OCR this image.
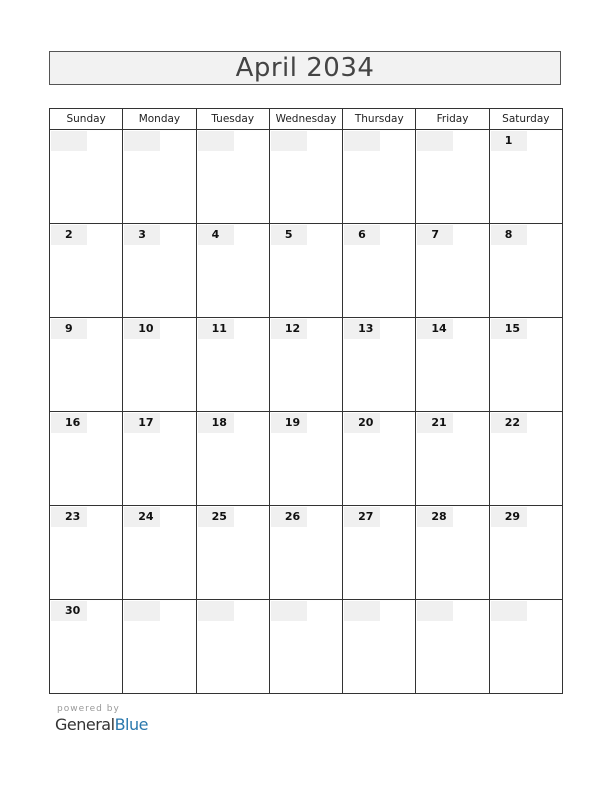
April 2034
Sunday	Monday	Tuesday	Wednesday	Thursday	Friday	Saturday

						1

2	3	4	5	6	7	8

9	10	11	12	13	14	15

16	17	18	19	20	21	22

23	24	25	26	27	28	29

30						

powered by
GeneralBlue
